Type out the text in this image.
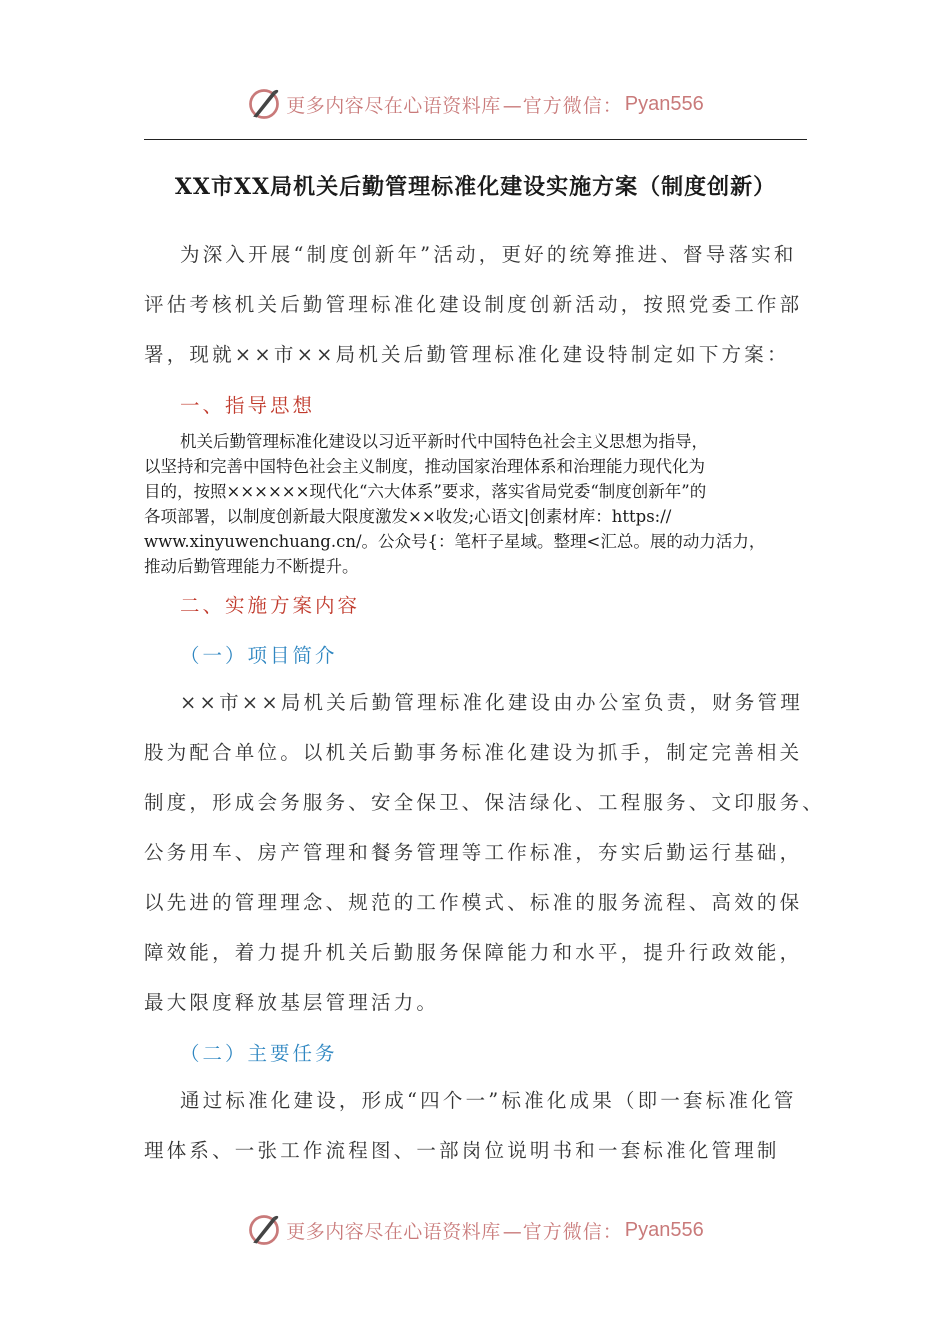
更多内容尽在心语资料库 —官方微信： Pyan556
XX市XX局机关后勤管理标准化建设实施方案（制度创新）
为深入开展“制度创新年”活动，更好的统筹推进、督导落实和
评估考核机关后勤管理标准化建设制度创新活动，按照党委工作部
署，现就××市××局机关后勤管理标准化建设特制定如下方案：
一、指导思想
机关后勤管理标准化建设以习近平新时代中国特色社会主义思想为指导，
以坚持和完善中国特色社会主义制度，推动国家治理体系和治理能力现代化为
目的，按照××××××现代化“六大体系”要求，落实省局党委“制度创新年”的
各项部署，以制度创新最大限度激发××收发;心语文|创素材库：https://
www.xinyuwenchuang.cn/。公众号{：笔杆子星域。整理<汇总。展的动力活力，
推动后勤管理能力不断提升。
二、实施方案内容
（一）项目简介
××市××局机关后勤管理标准化建设由办公室负责，财务管理
股为配合单位。以机关后勤事务标准化建设为抓手，制定完善相关
制度，形成会务服务、安全保卫、保洁绿化、工程服务、文印服务、
公务用车、房产管理和餐务管理等工作标准，夯实后勤运行基础，
以先进的管理理念、规范的工作模式、标准的服务流程、高效的保
障效能，着力提升机关后勤服务保障能力和水平，提升行政效能，
最大限度释放基层管理活力。
（二）主要任务
通过标准化建设，形成“四个一”标准化成果（即一套标准化管
理体系、一张工作流程图、一部岗位说明书和一套标准化管理制
更多内容尽在心语资料库 —官方微信： Pyan556
